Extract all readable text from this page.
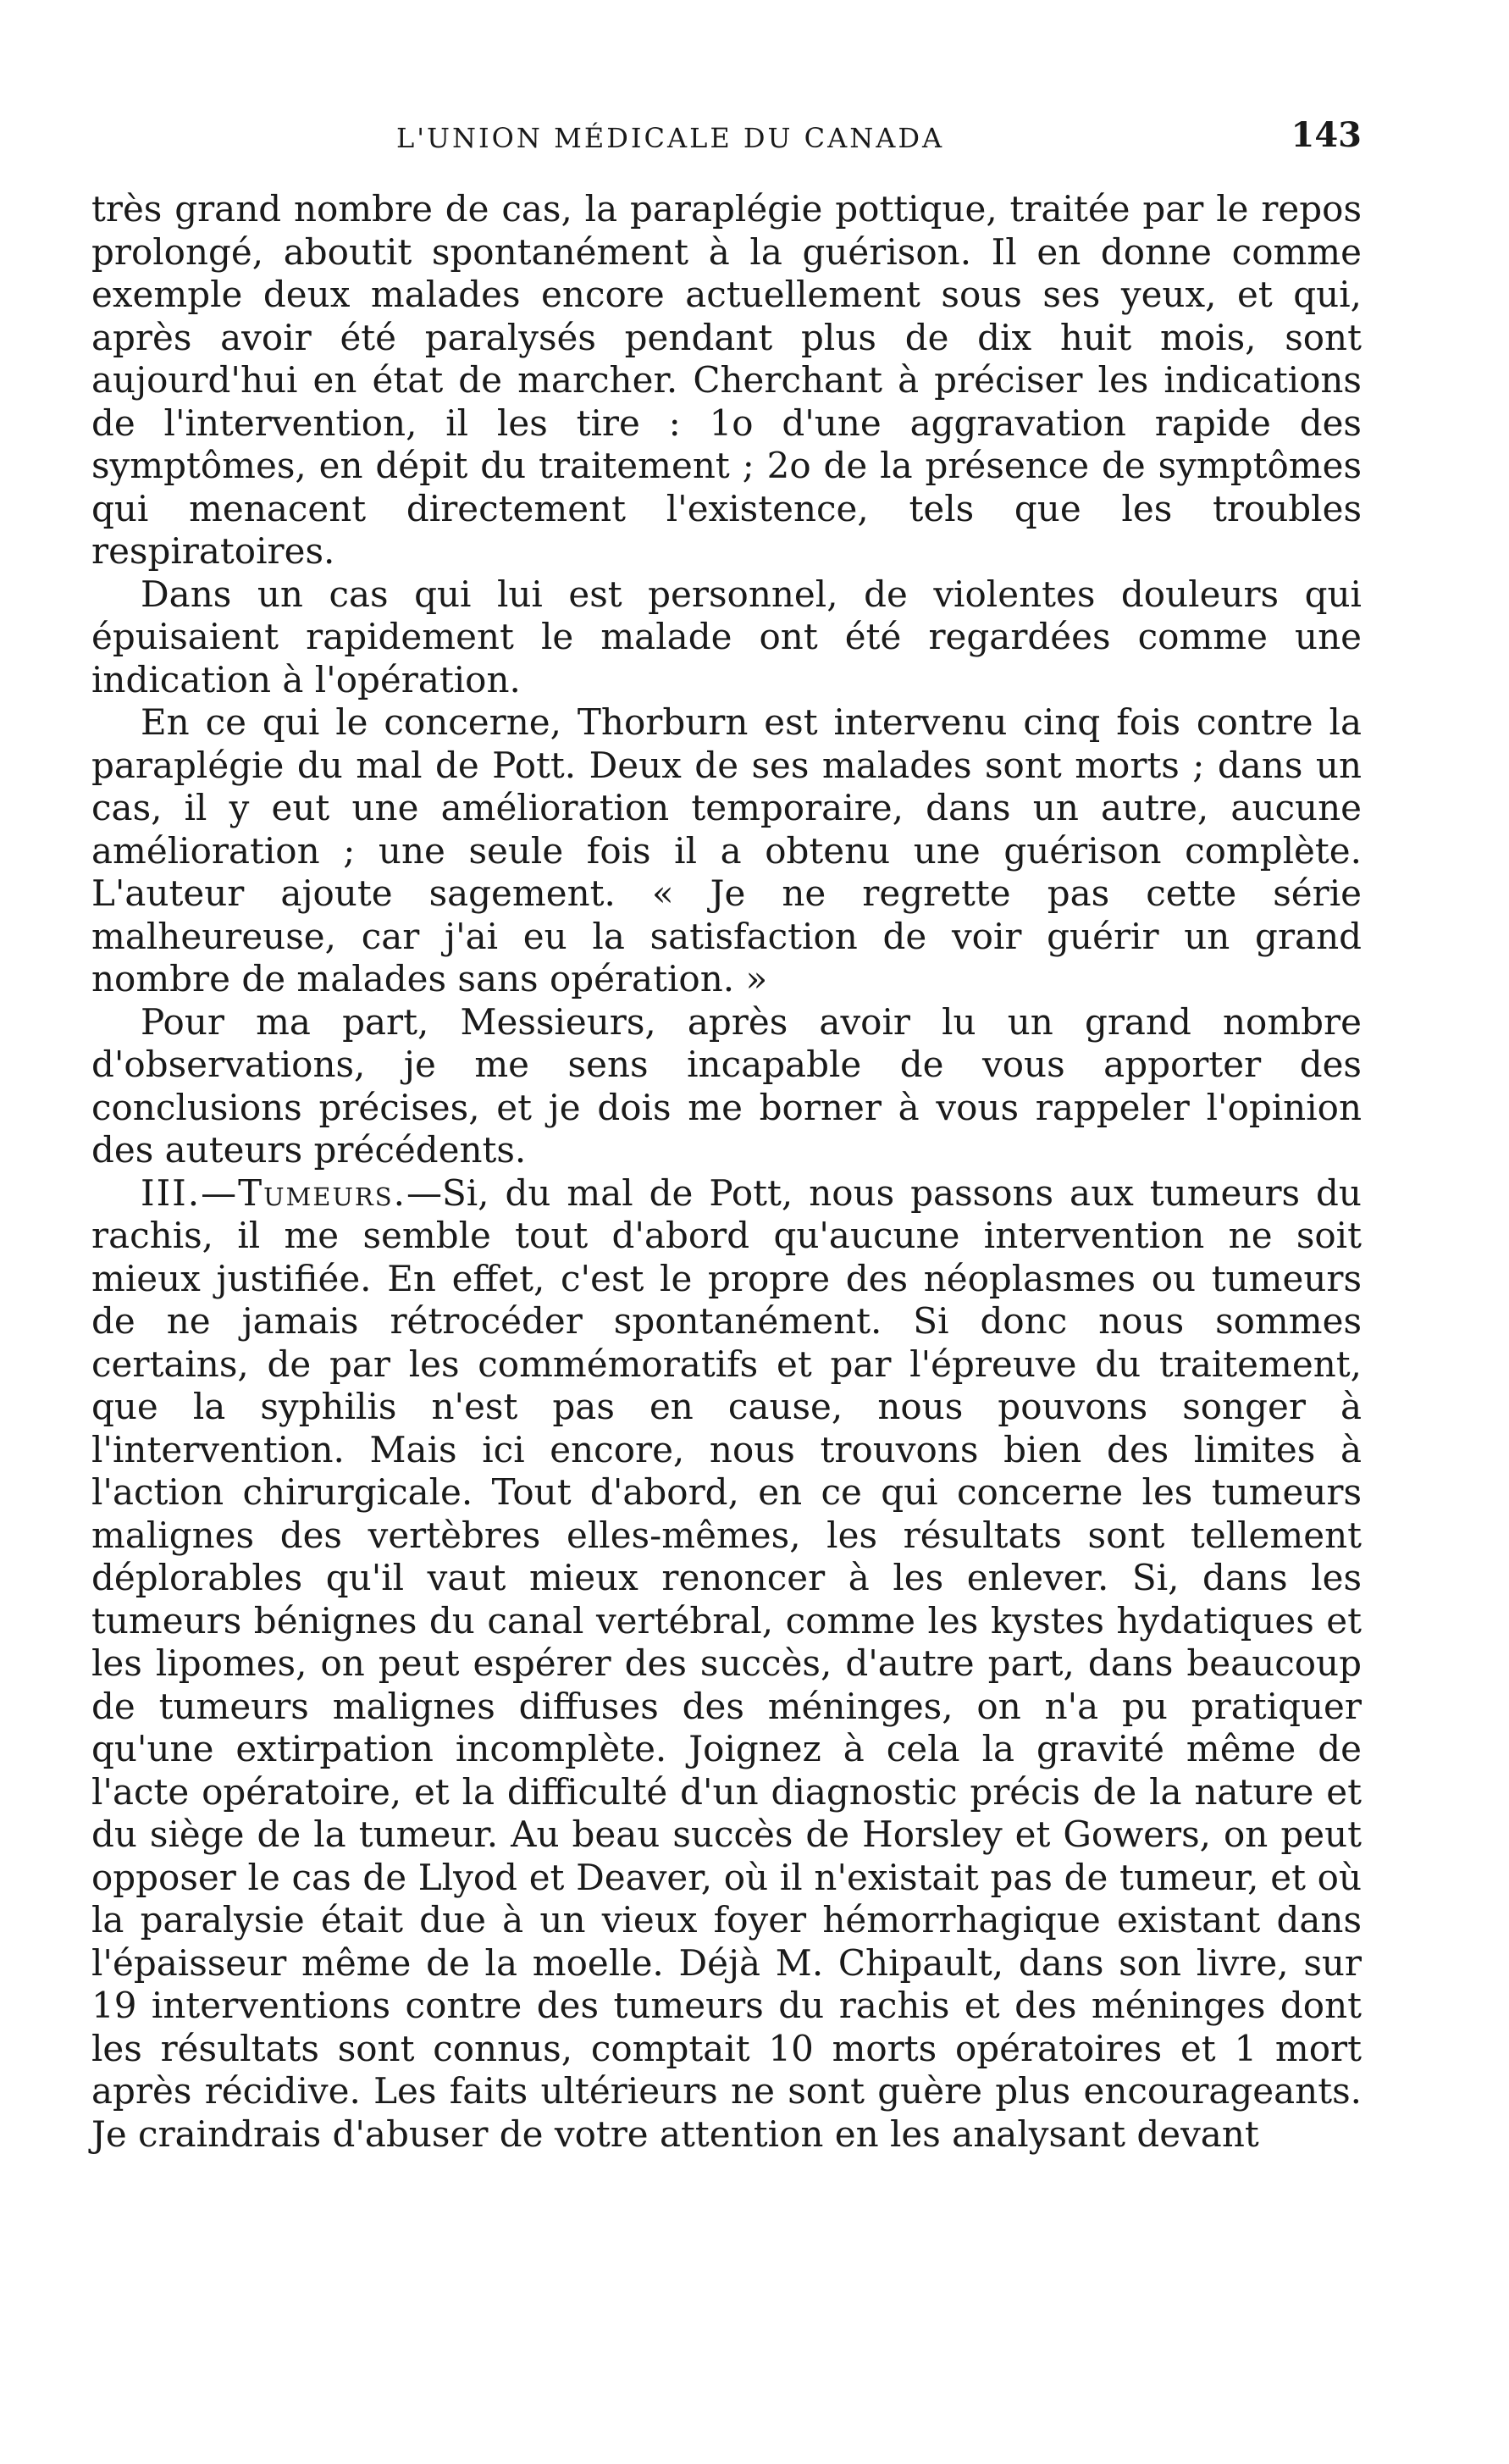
L'UNION MÉDICALE DU CANADA	143

très grand nombre de cas, la paraplégie pottique, traitée par le repos prolongé, aboutit spontanément à la guérison. Il en donne comme exemple deux malades encore actuellement sous ses yeux, et qui, après avoir été paralysés pendant plus de dix huit mois, sont aujourd'hui en état de marcher. Cherchant à préciser les indications de l'intervention, il les tire : 1o d'une aggravation rapide des symptômes, en dépit du traitement ; 2o de la présence de symptômes qui menacent directement l'existence, tels que les troubles respiratoires.

Dans un cas qui lui est personnel, de violentes douleurs qui épuisaient rapidement le malade ont été regardées comme une indication à l'opération.

En ce qui le concerne, Thorburn est intervenu cinq fois contre la paraplégie du mal de Pott. Deux de ses malades sont morts ; dans un cas, il y eut une amélioration temporaire, dans un autre, aucune amélioration ; une seule fois il a obtenu une guérison complète. L'auteur ajoute sagement. « Je ne regrette pas cette série malheureuse, car j'ai eu la satisfaction de voir guérir un grand nombre de malades sans opération. »

Pour ma part, Messieurs, après avoir lu un grand nombre d'observations, je me sens incapable de vous apporter des conclusions précises, et je dois me borner à vous rappeler l'opinion des auteurs précédents.

III.—Tumeurs.—Si, du mal de Pott, nous passons aux tumeurs du rachis, il me semble tout d'abord qu'aucune intervention ne soit mieux justifiée. En effet, c'est le propre des néoplasmes ou tumeurs de ne jamais rétrocéder spontanément. Si donc nous sommes certains, de par les commémoratifs et par l'épreuve du traitement, que la syphilis n'est pas en cause, nous pouvons songer à l'intervention. Mais ici encore, nous trouvons bien des limites à l'action chirurgicale. Tout d'abord, en ce qui concerne les tumeurs malignes des vertèbres elles-mêmes, les résultats sont tellement déplorables qu'il vaut mieux renoncer à les enlever. Si, dans les tumeurs bénignes du canal vertébral, comme les kystes hydatiques et les lipomes, on peut espérer des succès, d'autre part, dans beaucoup de tumeurs malignes diffuses des méninges, on n'a pu pratiquer qu'une extirpation incomplète. Joignez à cela la gravité même de l'acte opératoire, et la difficulté d'un diagnostic précis de la nature et du siège de la tumeur. Au beau succès de Horsley et Gowers, on peut opposer le cas de Llyod et Deaver, où il n'existait pas de tumeur, et où la paralysie était due à un vieux foyer hémorrhagique existant dans l'épaisseur même de la moelle. Déjà M. Chipault, dans son livre, sur 19 interventions contre des tumeurs du rachis et des méninges dont les résultats sont connus, comptait 10 morts opératoires et 1 mort après récidive. Les faits ultérieurs ne sont guère plus encourageants. Je craindrais d'abuser de votre attention en les analysant devant
